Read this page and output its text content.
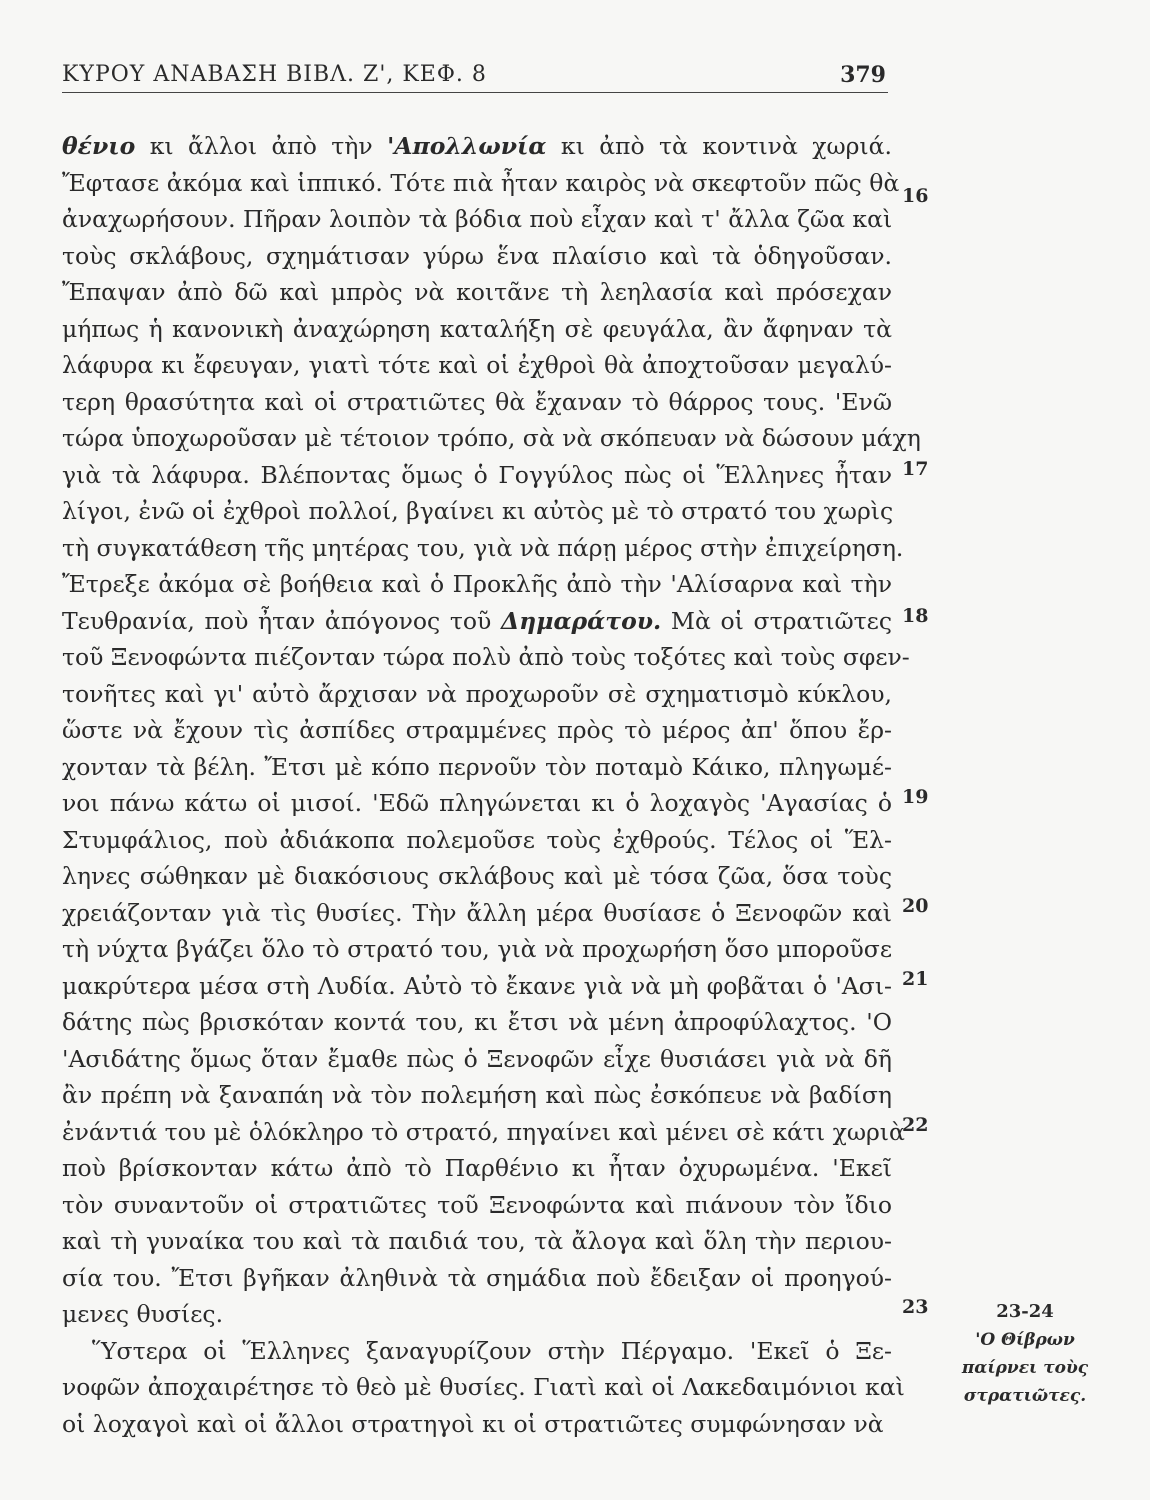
ΚΥΡΟΥ ΑΝΑΒΑΣΗ ΒΙΒΛ. Ζ', ΚΕΦ. 8	379
θένιο κι ἄλλοι ἀπὸ τὴν 'Απολλωνία κι ἀπὸ τὰ κοντινὰ χωριά.
Ἔφτασε ἀκόμα καὶ ἱππικό. Τότε πιὰ ἦταν καιρὸς νὰ σκεφτοῦν πῶς θὰ
ἀναχωρήσουν. Πῆραν λοιπὸν τὰ βόδια ποὺ εἶχαν καὶ τ' ἄλλα ζῶα καὶ
τοὺς σκλάβους, σχημάτισαν γύρω ἕνα πλαίσιο καὶ τὰ ὁδηγοῦσαν.
Ἔπαψαν ἀπὸ δῶ καὶ μπρὸς νὰ κοιτᾶνε τὴ λεηλασία καὶ πρόσεχαν
μήπως ἡ κανονικὴ ἀναχώρηση καταλήξη σὲ φευγάλα, ἂν ἄφηναν τὰ
λάφυρα κι ἔφευγαν, γιατὶ τότε καὶ οἱ ἐχθροὶ θὰ ἀποχτοῦσαν μεγαλύ-
τερη θρασύτητα καὶ οἱ στρατιῶτες θὰ ἔχαναν τὸ θάρρος τους. 'Ενῶ
τώρα ὑποχωροῦσαν μὲ τέτοιον τρόπο, σὰ νὰ σκόπευαν νὰ δώσουν μάχη
γιὰ τὰ λάφυρα. Βλέποντας ὅμως ὁ Γογγύλος πὼς οἱ Ἕλληνες ἦταν
λίγοι, ἐνῶ οἱ ἐχθροὶ πολλοί, βγαίνει κι αὐτὸς μὲ τὸ στρατό του χωρὶς
τὴ συγκατάθεση τῆς μητέρας του, γιὰ νὰ πάρῃ μέρος στὴν ἐπιχείρηση.
Ἔτρεξε ἀκόμα σὲ βοήθεια καὶ ὁ Προκλῆς ἀπὸ τὴν 'Αλίσαρνα καὶ τὴν
Τευθρανία, ποὺ ἦταν ἀπόγονος τοῦ Δημαράτου. Μὰ οἱ στρατιῶτες
τοῦ Ξενοφώντα πιέζονταν τώρα πολὺ ἀπὸ τοὺς τοξότες καὶ τοὺς σφεν-
τονῆτες καὶ γι' αὐτὸ ἄρχισαν νὰ προχωροῦν σὲ σχηματισμὸ κύκλου,
ὥστε νὰ ἔχουν τὶς ἀσπίδες στραμμένες πρὸς τὸ μέρος ἀπ' ὅπου ἔρ-
χονταν τὰ βέλη. Ἔτσι μὲ κόπο περνοῦν τὸν ποταμὸ Κάικο, πληγωμέ-
νοι πάνω κάτω οἱ μισοί. 'Εδῶ πληγώνεται κι ὁ λοχαγὸς 'Αγασίας ὁ
Στυμφάλιος, ποὺ ἀδιάκοπα πολεμοῦσε τοὺς ἐχθρούς. Τέλος οἱ Ἕλ-
ληνες σώθηκαν μὲ διακόσιους σκλάβους καὶ μὲ τόσα ζῶα, ὅσα τοὺς
χρειάζονταν γιὰ τὶς θυσίες. Τὴν ἄλλη μέρα θυσίασε ὁ Ξενοφῶν καὶ
τὴ νύχτα βγάζει ὅλο τὸ στρατό του, γιὰ νὰ προχωρήση ὅσο μποροῦσε
μακρύτερα μέσα στὴ Λυδία. Αὐτὸ τὸ ἔκανε γιὰ νὰ μὴ φοβᾶται ὁ 'Ασι-
δάτης πὼς βρισκόταν κοντά του, κι ἔτσι νὰ μένη ἀπροφύλαχτος. 'Ο
'Ασιδάτης ὅμως ὅταν ἔμαθε πὼς ὁ Ξενοφῶν εἶχε θυσιάσει γιὰ νὰ δῆ
ἂν πρέπη νὰ ξαναπάη νὰ τὸν πολεμήση καὶ πὼς ἐσκόπευε νὰ βαδίση
ἐνάντιά του μὲ ὁλόκληρο τὸ στρατό, πηγαίνει καὶ μένει σὲ κάτι χωριὰ
ποὺ βρίσκονταν κάτω ἀπὸ τὸ Παρθένιο κι ἦταν ὀχυρωμένα. 'Εκεῖ
τὸν συναντοῦν οἱ στρατιῶτες τοῦ Ξενοφώντα καὶ πιάνουν τὸν ἴδιο
καὶ τὴ γυναίκα του καὶ τὰ παιδιά του, τὰ ἄλογα καὶ ὅλη τὴν περιου-
σία του. Ἔτσι βγῆκαν ἀληθινὰ τὰ σημάδια ποὺ ἔδειξαν οἱ προηγού-
μενες θυσίες.
Ὕστερα οἱ Ἕλληνες ξαναγυρίζουν στὴν Πέργαμο. 'Εκεῖ ὁ Ξε-
νοφῶν ἀποχαιρέτησε τὸ θεὸ μὲ θυσίες. Γιατὶ καὶ οἱ Λακεδαιμόνιοι καὶ
οἱ λοχαγοὶ καὶ οἱ ἄλλοι στρατηγοὶ κι οἱ στρατιῶτες συμφώνησαν νὰ
16
17
18
19
20
21
22
23	23-24
'Ο Θίβρων
παίρνει τοὺς
στρατιῶτες.
